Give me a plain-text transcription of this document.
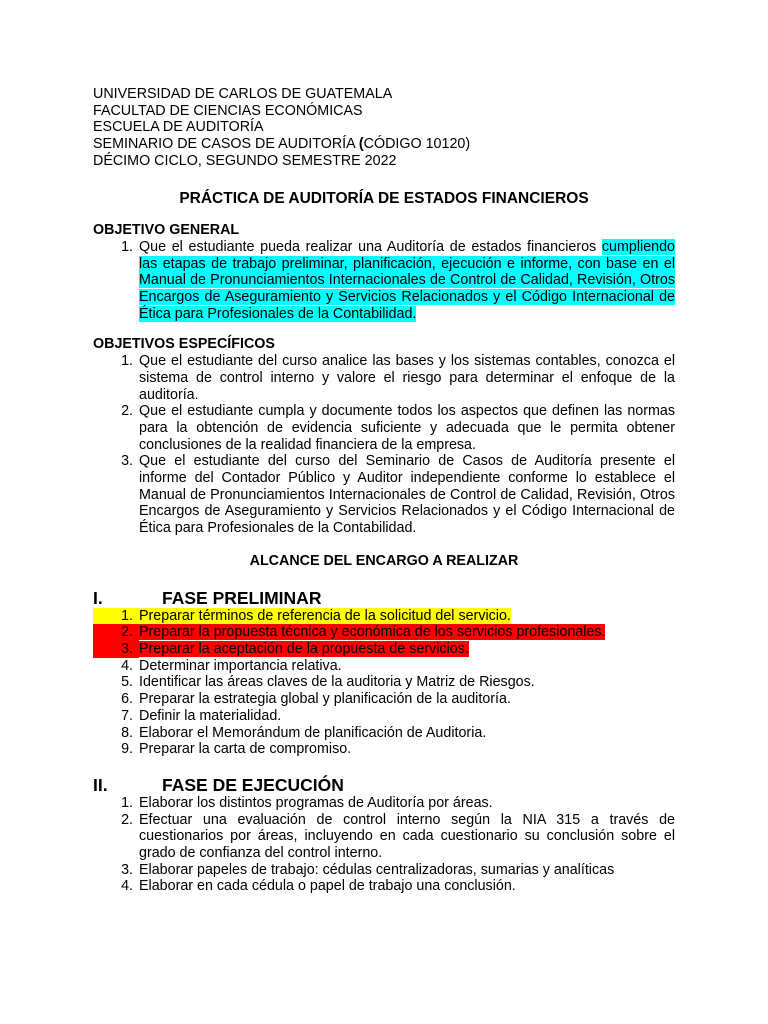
UNIVERSIDAD DE CARLOS DE GUATEMALA
FACULTAD DE CIENCIAS ECONÓMICAS
ESCUELA DE AUDITORÍA
SEMINARIO DE CASOS DE AUDITORÍA (CÓDIGO 10120)
DÉCIMO CICLO, SEGUNDO SEMESTRE 2022
PRÁCTICA DE AUDITORÍA DE ESTADOS FINANCIEROS
OBJETIVO GENERAL
1. Que el estudiante pueda realizar una Auditoría de estados financieros cumpliendo las etapas de trabajo preliminar, planificación, ejecución e informe, con base en el Manual de Pronunciamientos Internacionales de Control de Calidad, Revisión, Otros Encargos de Aseguramiento y Servicios Relacionados y el Código Internacional de Ética para Profesionales de la Contabilidad.
OBJETIVOS ESPECÍFICOS
1. Que el estudiante del curso analice las bases y los sistemas contables, conozca el sistema de control interno y valore el riesgo para determinar el enfoque de la auditoría.
2. Que el estudiante cumpla y documente todos los aspectos que definen las normas para la obtención de evidencia suficiente y adecuada que le permita obtener conclusiones de la realidad financiera de la empresa.
3. Que el estudiante del curso del Seminario de Casos de Auditoría presente el informe del Contador Público y Auditor independiente conforme lo establece el Manual de Pronunciamientos Internacionales de Control de Calidad, Revisión, Otros Encargos de Aseguramiento y Servicios Relacionados y el Código Internacional de Ética para Profesionales de la Contabilidad.
ALCANCE DEL ENCARGO A REALIZAR
I.	FASE PRELIMINAR
1. Preparar términos de referencia de la solicitud del servicio.
2. Preparar la propuesta técnica y económica de los servicios profesionales.
3. Preparar la aceptación de la propuesta de servicios.
4. Determinar importancia relativa.
5. Identificar las áreas claves de la auditoria y Matriz de Riesgos.
6. Preparar la estrategia global y planificación de la auditoría.
7. Definir la materialidad.
8. Elaborar el Memorándum de planificación de Auditoria.
9. Preparar la carta de compromiso.
II.	FASE DE EJECUCIÓN
1. Elaborar los distintos programas de Auditoría por áreas.
2. Efectuar una evaluación de control interno según la NIA 315 a través de cuestionarios por áreas, incluyendo en cada cuestionario su conclusión sobre el grado de confianza del control interno.
3. Elaborar papeles de trabajo: cédulas centralizadoras, sumarias y analíticas
4. Elaborar en cada cédula o papel de trabajo una conclusión.
